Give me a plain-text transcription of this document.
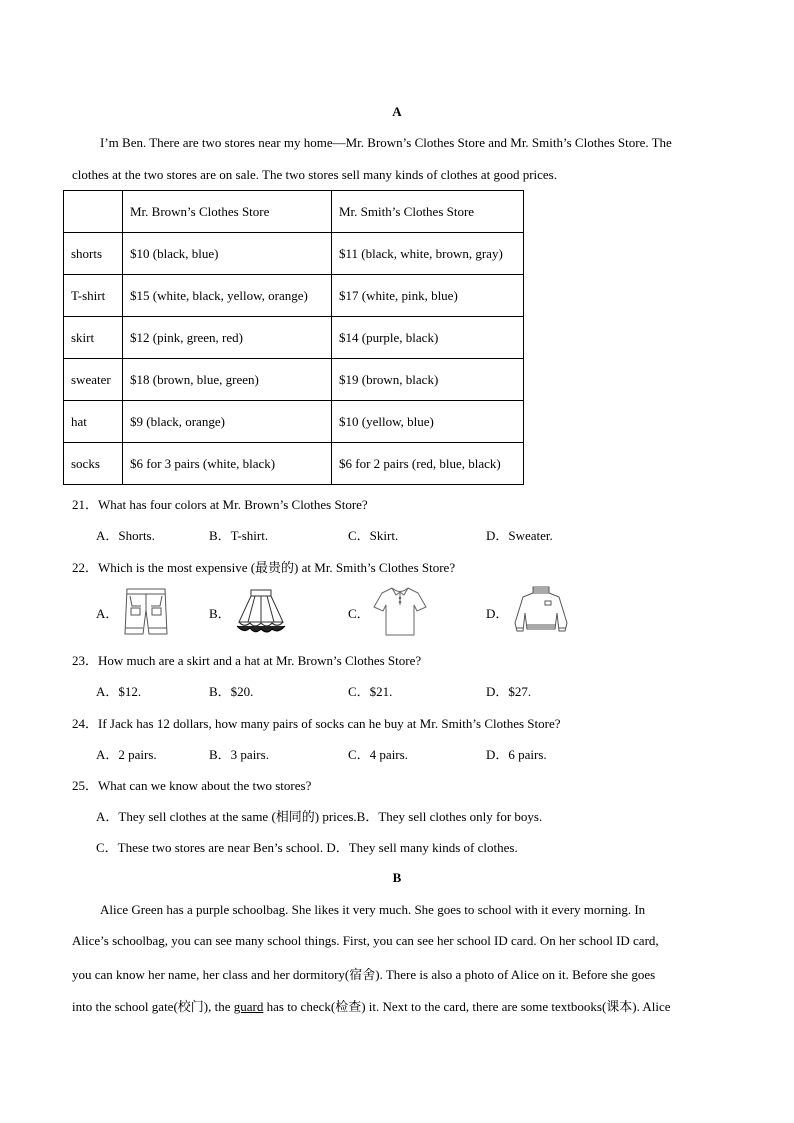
A
I’m Ben. There are two stores near my home—Mr. Brown’s Clothes Store and Mr. Smith’s Clothes Store. The
clothes at the two stores are on sale. The two stores sell many kinds of clothes at good prices.
	Mr. Brown’s Clothes Store	Mr. Smith’s Clothes Store
shorts	$10 (black, blue)	$11 (black, white, brown, gray)
T-shirt	$15 (white, black, yellow, orange)	$17 (white, pink, blue)
skirt	$12 (pink, green, red)	$14 (purple, black)
sweater	$18 (brown, blue, green)	$19 (brown, black)
hat	$9 (black, orange)	$10 (yellow, blue)
socks	$6 for 3 pairs (white, black)	$6 for 2 pairs (red, blue, black)
21．What has four colors at Mr. Brown’s Clothes Store?
A．Shorts.	B．T-shirt.	C．Skirt.	D．Sweater.
22．Which is the most expensive (最贵的) at Mr. Smith’s Clothes Store?
A．	B．	C．	D．
23．How much are a skirt and a hat at Mr. Brown’s Clothes Store?
A．$12.	B．$20.	C．$21.	D．$27.
24．If Jack has 12 dollars, how many pairs of socks can he buy at Mr. Smith’s Clothes Store?
A．2 pairs.	B．3 pairs.	C．4 pairs.	D．6 pairs.
25．What can we know about the two stores?
A．They sell clothes at the same (相同的) prices.B．They sell clothes only for boys.
C．These two stores are near Ben’s school. D．They sell many kinds of clothes.
B
Alice Green has a purple schoolbag. She likes it very much. She goes to school with it every morning. In
Alice’s schoolbag, you can see many school things. First, you can see her school ID card. On her school ID card,
you can know her name, her class and her dormitory(宿舍). There is also a photo of Alice on it. Before she goes
into the school gate(校门), the guard has to check(检查) it. Next to the card, there are some textbooks(课本). Alice
